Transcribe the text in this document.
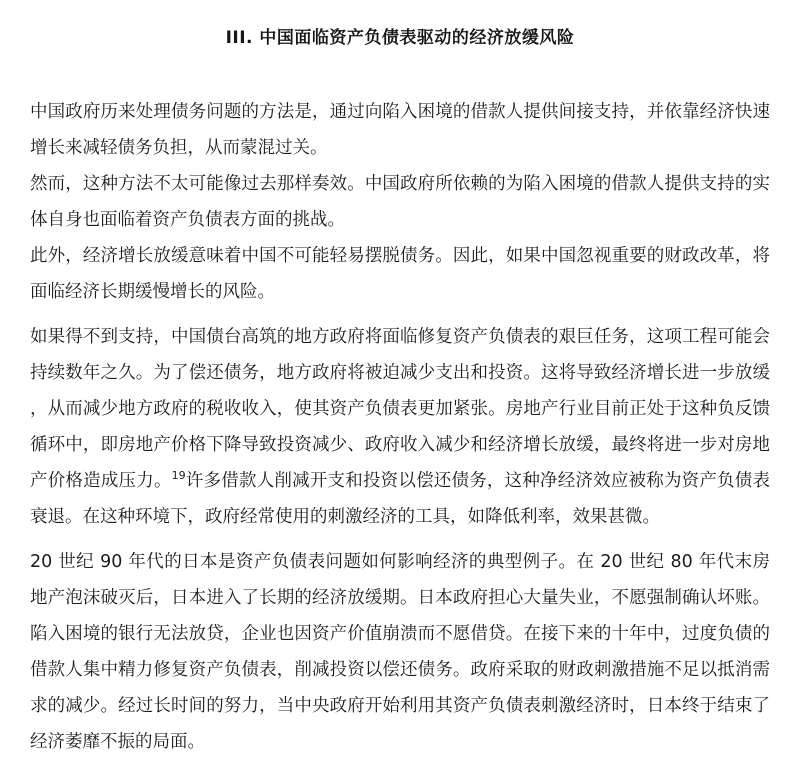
III. 中国面临资产负债表驱动的经济放缓风险

中国政府历来处理债务问题的方法是，通过向陷入困境的借款人提供间接支持，并依靠经济快速增长来减轻债务负担，从而蒙混过关。

然而，这种方法不太可能像过去那样奏效。中国政府所依赖的为陷入困境的借款人提供支持的实体自身也面临着资产负债表方面的挑战。

此外，经济增长放缓意味着中国不可能轻易摆脱债务。因此，如果中国忽视重要的财政改革，将面临经济长期缓慢增长的风险。

如果得不到支持，中国债台高筑的地方政府将面临修复资产负债表的艰巨任务，这项工程可能会持续数年之久。为了偿还债务，地方政府将被迫减少支出和投资。这将导致经济增长进一步放缓，从而减少地方政府的税收收入，使其资产负债表更加紧张。房地产行业目前正处于这种负反馈循环中，即房地产价格下降导致投资减少、政府收入减少和经济增长放缓，最终将进一步对房地产价格造成压力。$^{19}$许多借款人削减开支和投资以偿还债务，这种净经济效应被称为资产负债表衰退。在这种环境下，政府经常使用的刺激经济的工具，如降低利率，效果甚微。

20 世纪 90 年代的日本是资产负债表问题如何影响经济的典型例子。在 20 世纪 80 年代末房地产泡沫破灭后，日本进入了长期的经济放缓期。日本政府担心大量失业，不愿强制确认坏账。陷入困境的银行无法放贷，企业也因资产价值崩溃而不愿借贷。在接下来的十年中，过度负债的借款人集中精力修复资产负债表，削减投资以偿还债务。政府采取的财政刺激措施不足以抵消需求的减少。经过长时间的努力，当中央政府开始利用其资产负债表刺激经济时，日本终于结束了经济萎靡不振的局面。
